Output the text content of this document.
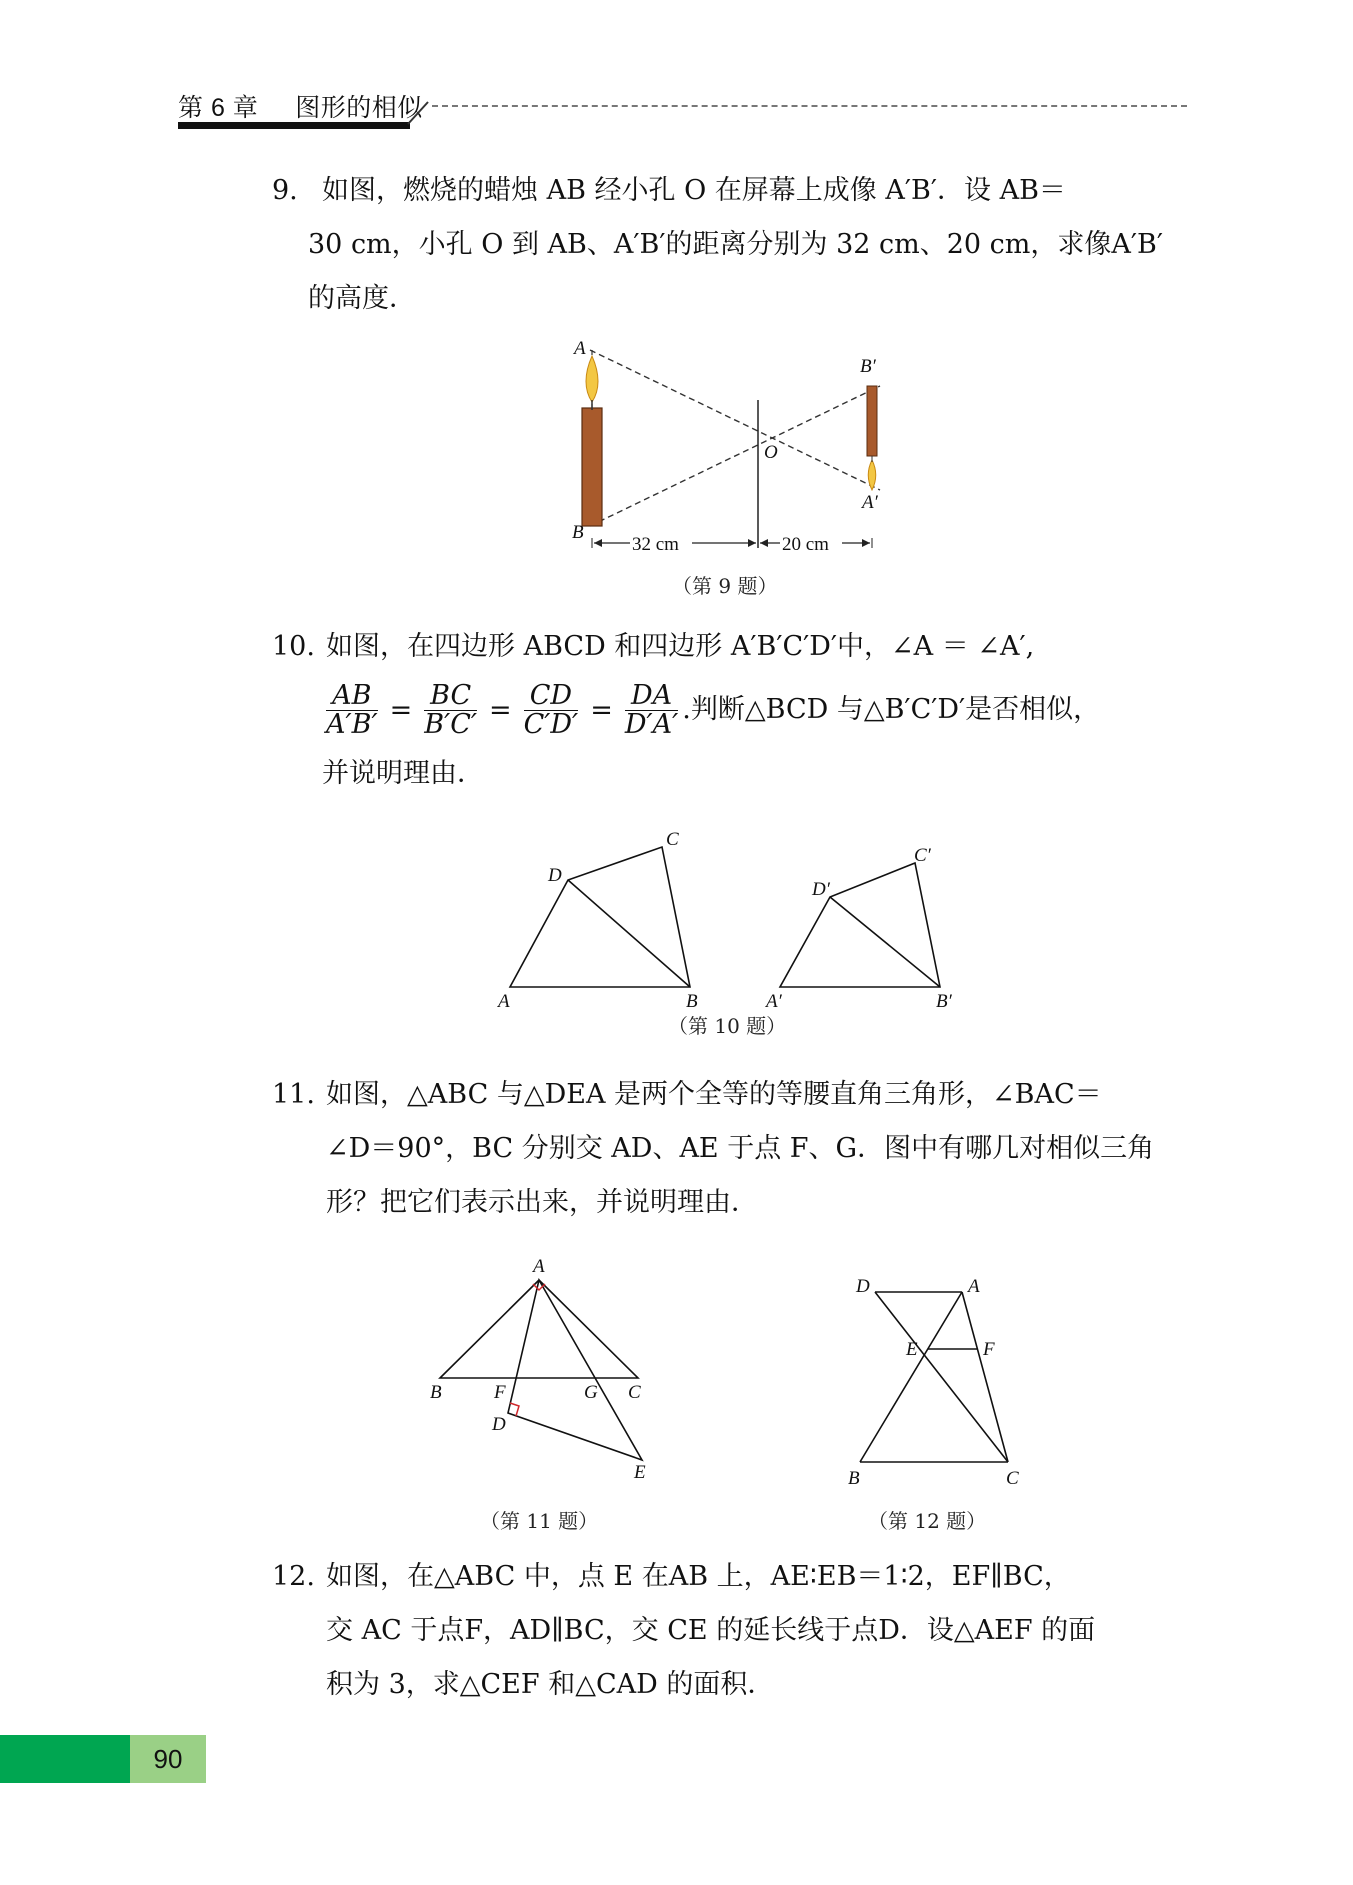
第 6 章 图形的相似
9. 如图，燃烧的蜡烛 AB 经小孔 O 在屏幕上成像 A′B′．设 AB＝
30 cm，小孔 O 到 AB、A′B′的距离分别为 32 cm、20 cm，求像A′B′
的高度．
32 cm	20 cm
A
B
B′
A′
O
（第 9 题）
10. 如图，在四边形 ABCD 和四边形 A′B′C′D′中，∠A ＝ ∠A′,
$\frac{AB}{A'B'} = \frac{BC}{B'C'} = \frac{CD}{C'D'} = \frac{DA}{D'A'}$ .判断△BCD 与△B′C′D′是否相似，
并说明理由．
A	B
C
D
A′	B′
C′
D′
（第 10 题）
11. 如图，△ABC 与△DEA 是两个全等的等腰直角三角形，∠BAC＝
∠D＝90°，BC 分别交 AD、AE 于点 F、G．图中有哪几对相似三角
形？把它们表示出来，并说明理由．
A
B	C
D
E
F	G
（第 11 题）
D	A
E	F
B	C
（第 12 题）
12. 如图，在△ABC 中，点 E 在AB 上，AE∶EB＝1∶2，EF∥BC，
交 AC 于点F，AD∥BC，交 CE 的延长线于点D．设△AEF 的面
积为 3，求△CEF 和△CAD 的面积．
90
